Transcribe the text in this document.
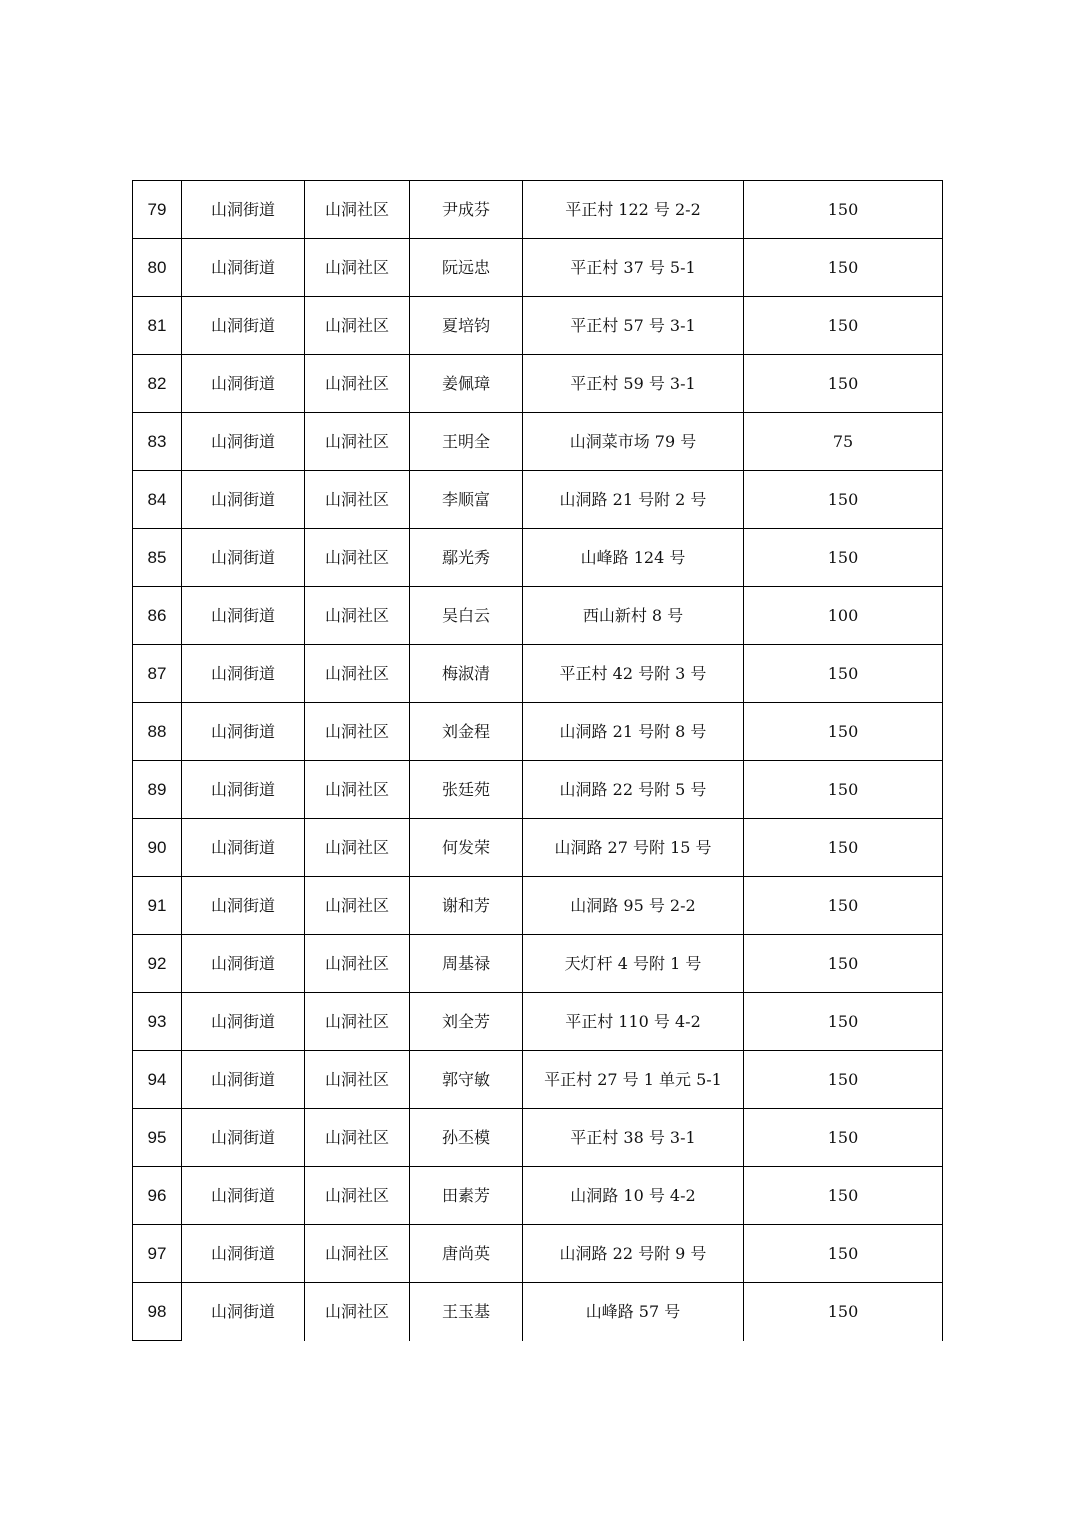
79	山洞街道	山洞社区	尹成芬	平正村 122 号 2-2	150
80	山洞街道	山洞社区	阮远忠	平正村 37 号 5-1	150
81	山洞街道	山洞社区	夏培钧	平正村 57 号 3-1	150
82	山洞街道	山洞社区	姜佩璋	平正村 59 号 3-1	150
83	山洞街道	山洞社区	王明全	山洞菜市场 79 号	75
84	山洞街道	山洞社区	李顺富	山洞路 21 号附 2 号	150
85	山洞街道	山洞社区	鄢光秀	山峰路 124 号	150
86	山洞街道	山洞社区	吴白云	西山新村 8 号	100
87	山洞街道	山洞社区	梅淑清	平正村 42 号附 3 号	150
88	山洞街道	山洞社区	刘金程	山洞路 21 号附 8 号	150
89	山洞街道	山洞社区	张廷苑	山洞路 22 号附 5 号	150
90	山洞街道	山洞社区	何发荣	山洞路 27 号附 15 号	150
91	山洞街道	山洞社区	谢和芳	山洞路 95 号 2-2	150
92	山洞街道	山洞社区	周基禄	天灯杆 4 号附 1 号	150
93	山洞街道	山洞社区	刘全芳	平正村 110 号 4-2	150
94	山洞街道	山洞社区	郭守敏	平正村 27 号 1 单元 5-1	150
95	山洞街道	山洞社区	孙丕模	平正村 38 号 3-1	150
96	山洞街道	山洞社区	田素芳	山洞路 10 号 4-2	150
97	山洞街道	山洞社区	唐尚英	山洞路 22 号附 9 号	150
98	山洞街道	山洞社区	王玉基	山峰路 57 号	150
